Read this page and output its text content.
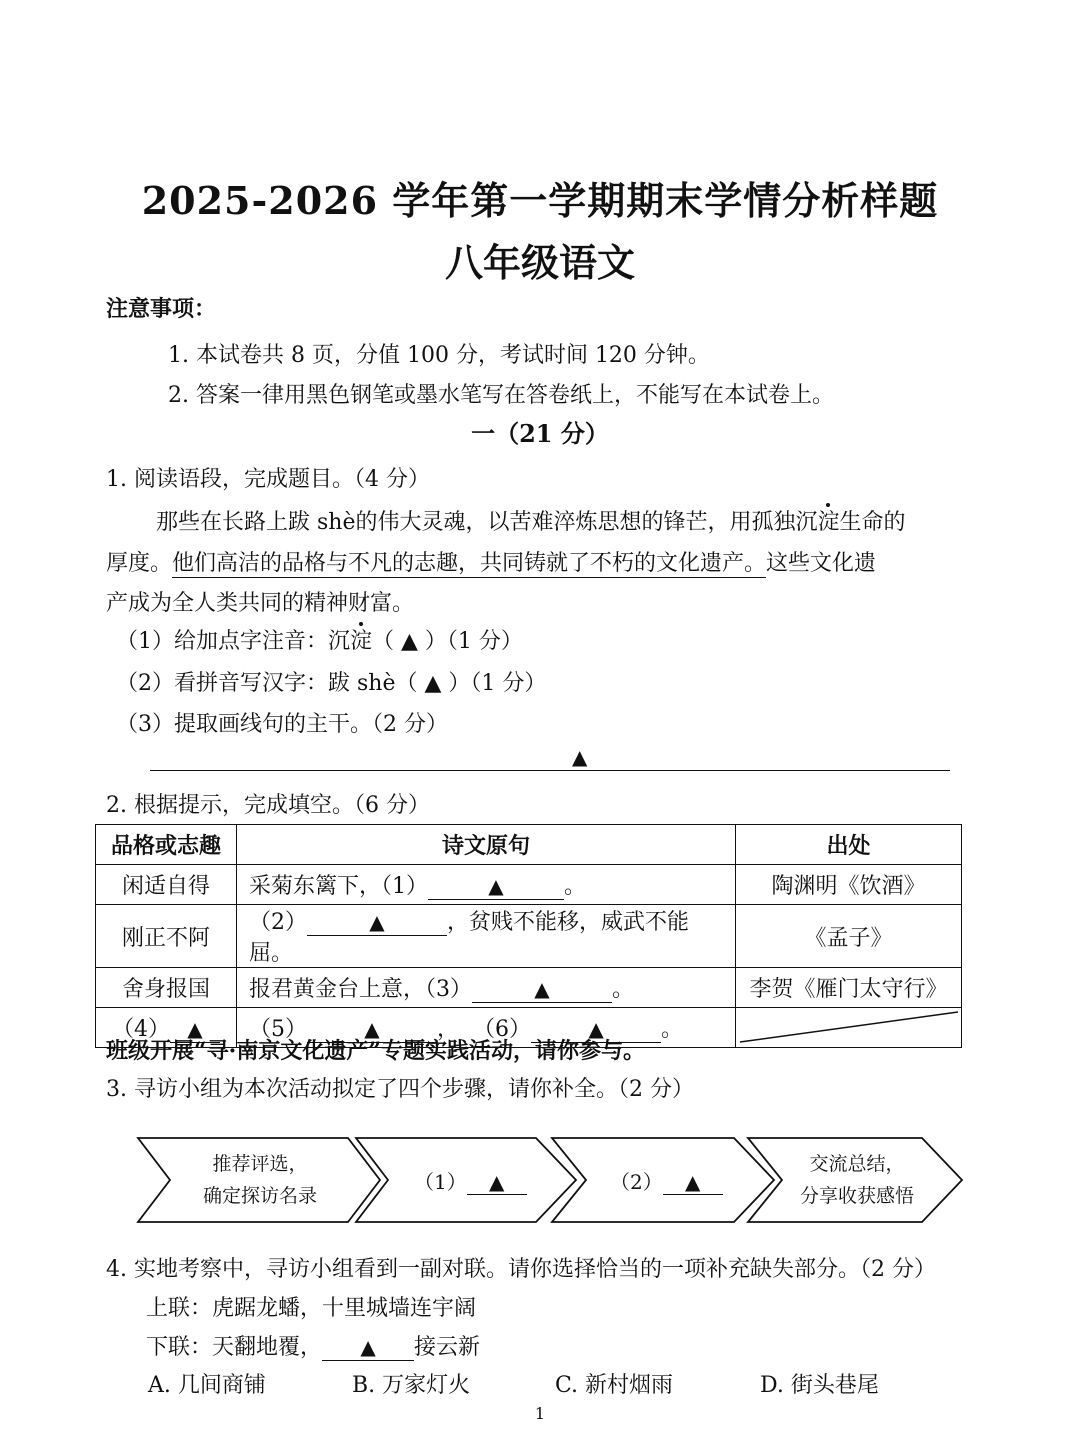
2025-2026 学年第一学期期末学情分析样题
八年级语文
注意事项：
1. 本试卷共 8 页，分值 100 分，考试时间 120 分钟。
2. 答案一律用黑色钢笔或墨水笔写在答卷纸上，不能写在本试卷上。
一（21 分）
1. 阅读语段，完成题目。（4 分）
那些在长路上跋 shè的伟大灵魂，以苦难淬炼思想的锋芒，用孤独沉淀生命的
厚度。他们高洁的品格与不凡的志趣，共同铸就了不朽的文化遗产。这些文化遗
产成为全人类共同的精神财富。
（1）给加点字注音：沉淀（ ▲ ）（1 分）
（2）看拼音写汉字：跋 shè（ ▲ ）（1 分）
（3）提取画线句的主干。（2 分）
▲
2. 根据提示，完成填空。（6 分）
品格或志趣	诗文原句	出处
闲适自得	采菊东篱下，（1） ▲ 。	陶渊明《饮酒》
刚正不阿	（2） ▲ ，贫贱不能移，威武不能屈。	《孟子》
舍身报国	报君黄金台上意，（3） ▲ 。	李贺《雁门太守行》
（4） ▲	（5） ▲ ， （6） ▲ 。	
班级开展“寻·南京文化遗产”专题实践活动，请你参与。
3. 寻访小组为本次活动拟定了四个步骤，请你补全。（2 分）
推荐评选，
确定探访名录
（1） ▲	（2） ▲
交流总结，
分享收获感悟
4. 实地考察中，寻访小组看到一副对联。请你选择恰当的一项补充缺失部分。（2 分）
上联：虎踞龙蟠，十里城墙连宇阔
下联：天翻地覆， ▲ 接云新
A. 几间商铺	B. 万家灯火	C. 新村烟雨	D. 街头巷尾
1
